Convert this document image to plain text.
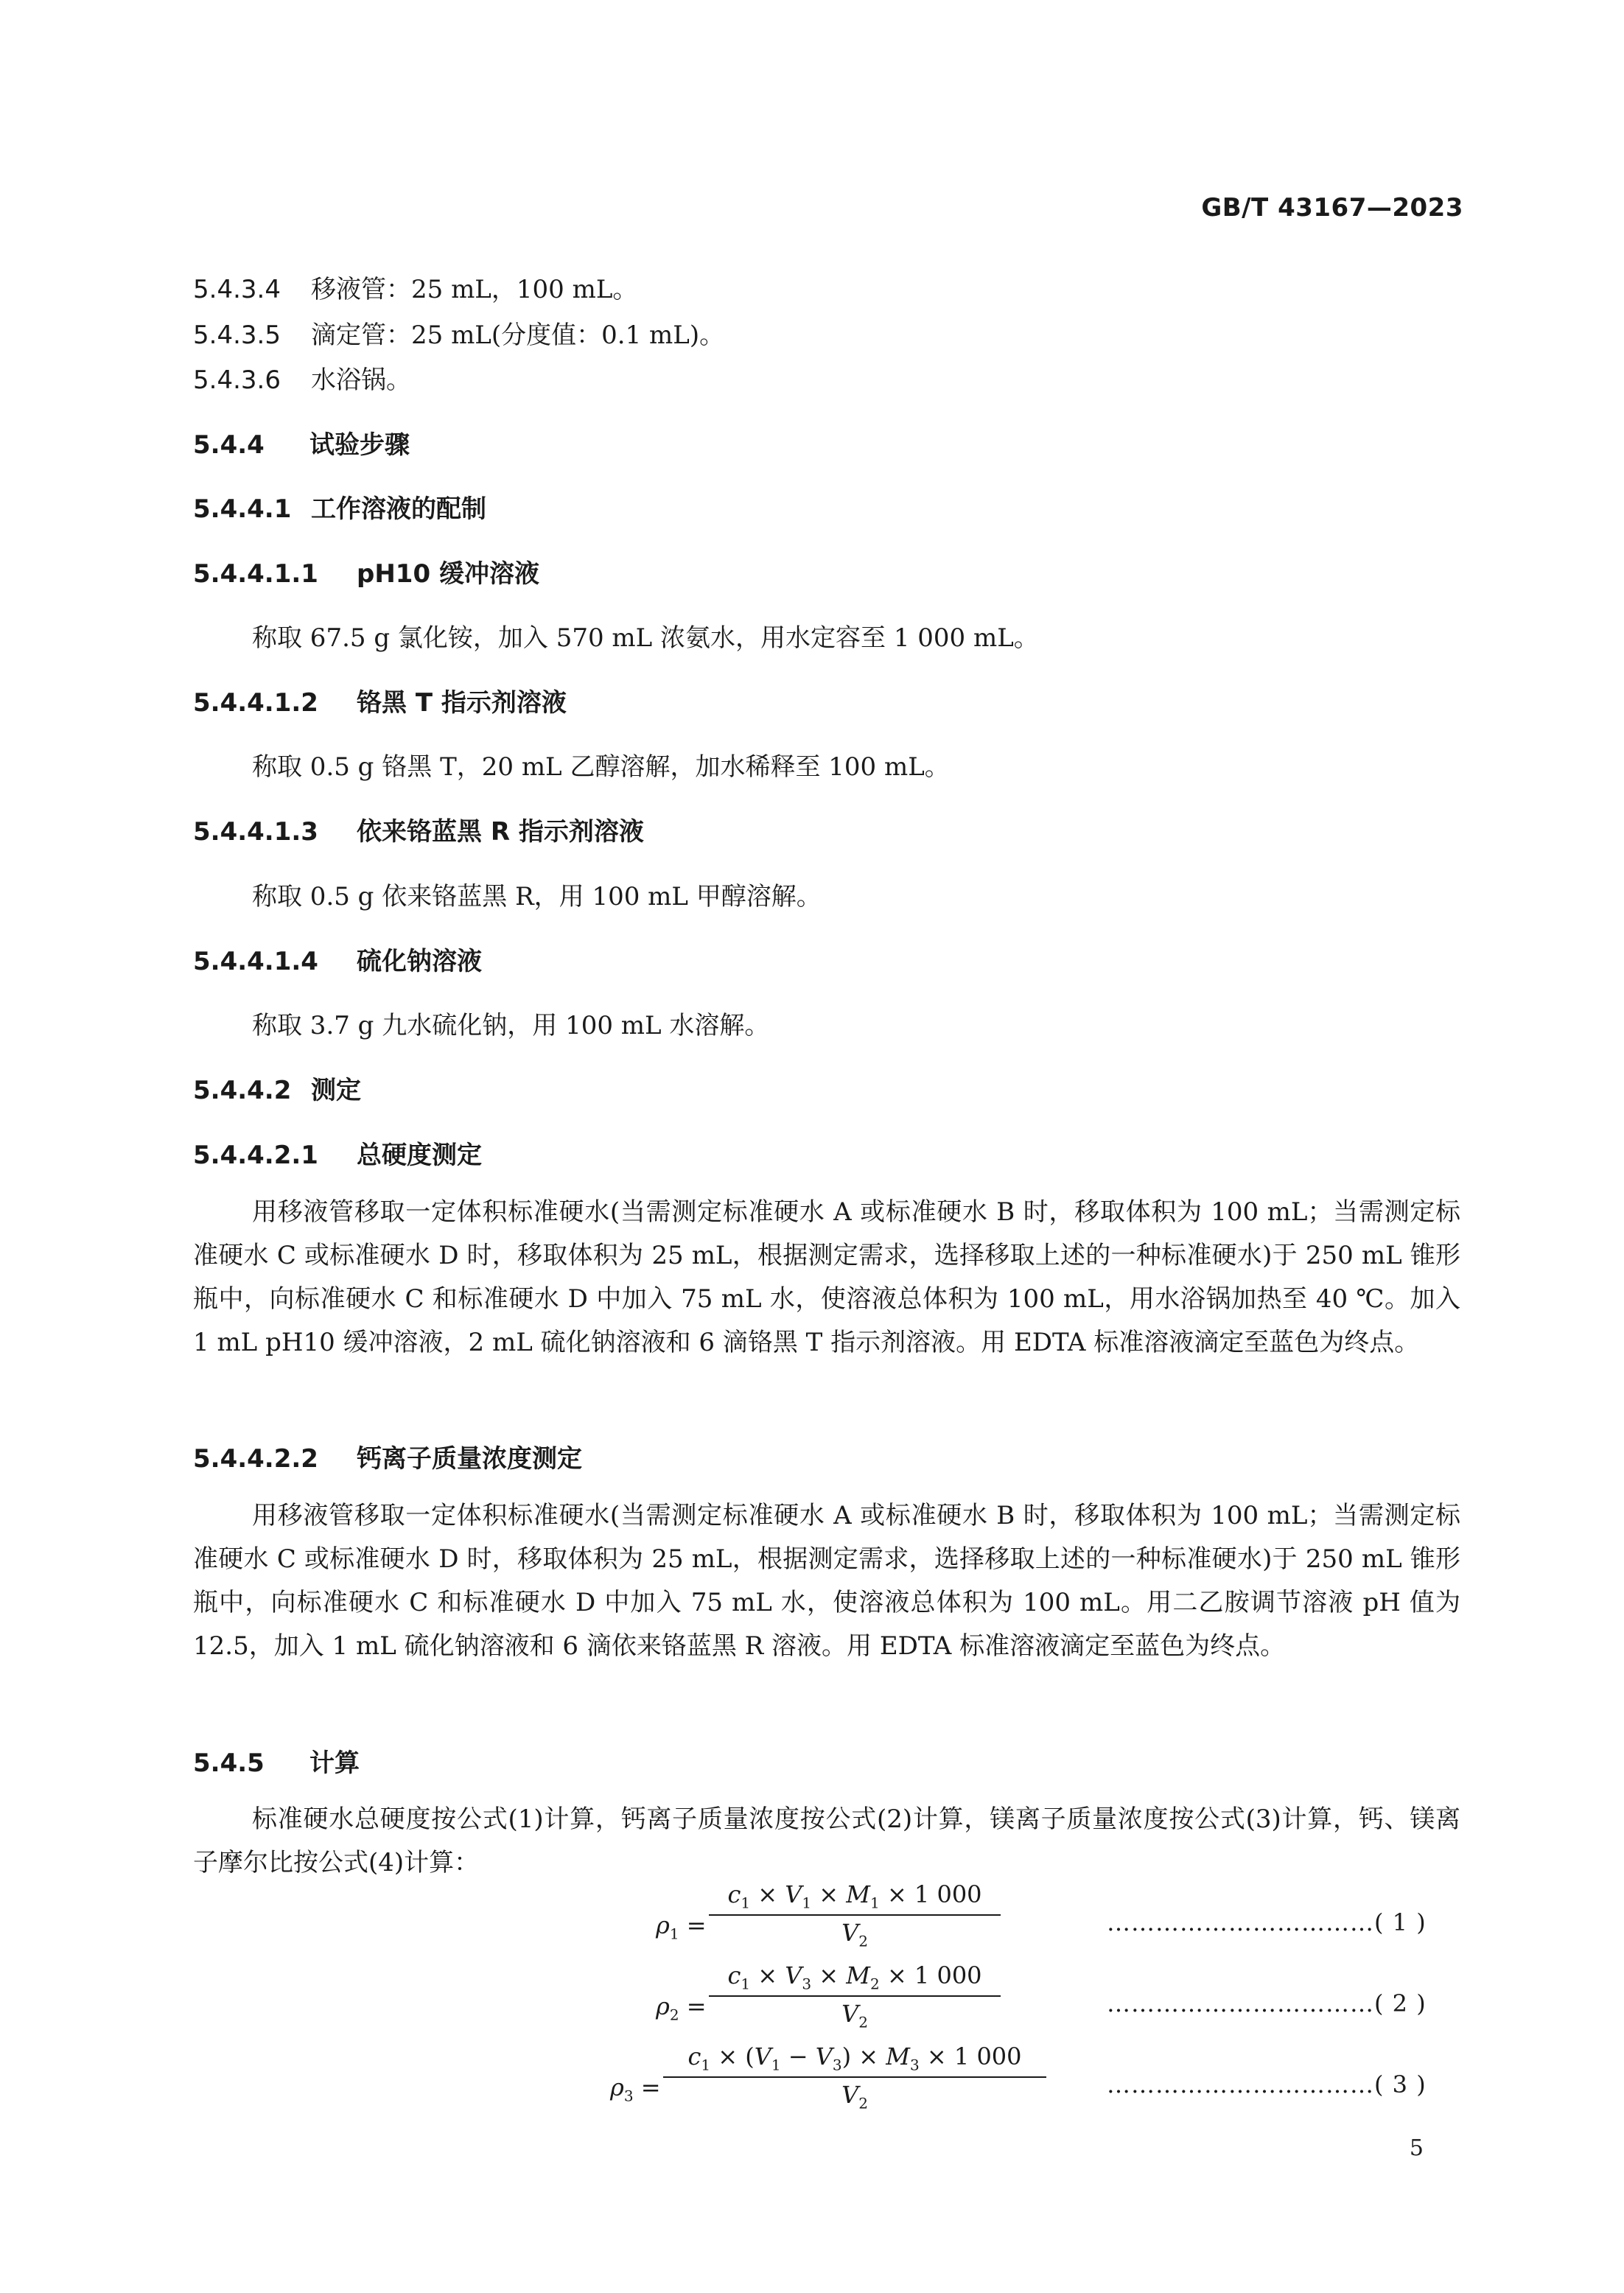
GB/T 43167—2023
5.4.3.4 移液管：25 mL，100 mL。
5.4.3.5 滴定管：25 mL(分度值：0.1 mL)。
5.4.3.6 水浴锅。
5.4.4 试验步骤
5.4.4.1 工作溶液的配制
5.4.4.1.1 pH10 缓冲溶液
称取 67.5 g 氯化铵，加入 570 mL 浓氨水，用水定容至 1 000 mL。
5.4.4.1.2 铬黑 T 指示剂溶液
称取 0.5 g 铬黑 T，20 mL 乙醇溶解，加水稀释至 100 mL。
5.4.4.1.3 依来铬蓝黑 R 指示剂溶液
称取 0.5 g 依来铬蓝黑 R，用 100 mL 甲醇溶解。
5.4.4.1.4 硫化钠溶液
称取 3.7 g 九水硫化钠，用 100 mL 水溶解。
5.4.4.2 测定
5.4.4.2.1 总硬度测定
用移液管移取一定体积标准硬水(当需测定标准硬水 A 或标准硬水 B 时，移取体积为 100 mL；当需测定标准硬水 C 或标准硬水 D 时，移取体积为 25 mL，根据测定需求，选择移取上述的一种标准硬水)于 250 mL 锥形瓶中，向标准硬水 C 和标准硬水 D 中加入 75 mL 水，使溶液总体积为 100 mL，用水浴锅加热至 40 ℃。加入 1 mL pH10 缓冲溶液，2 mL 硫化钠溶液和 6 滴铬黑 T 指示剂溶液。用 EDTA 标准溶液滴定至蓝色为终点。
5.4.4.2.2 钙离子质量浓度测定
用移液管移取一定体积标准硬水(当需测定标准硬水 A 或标准硬水 B 时，移取体积为 100 mL；当需测定标准硬水 C 或标准硬水 D 时，移取体积为 25 mL，根据测定需求，选择移取上述的一种标准硬水)于 250 mL 锥形瓶中，向标准硬水 C 和标准硬水 D 中加入 75 mL 水，使溶液总体积为 100 mL。用二乙胺调节溶液 pH 值为 12.5，加入 1 mL 硫化钠溶液和 6 滴依来铬蓝黑 R 溶液。用 EDTA 标准溶液滴定至蓝色为终点。
5.4.5 计算
标准硬水总硬度按公式(1)计算，钙离子质量浓度按公式(2)计算，镁离子质量浓度按公式(3)计算，钙、镁离子摩尔比按公式(4)计算：
$\rho_1$ =
$c_1 \times V_1 \times M_1 \times 1$ 000
$V_2$
……………………………( 1 )
$\rho_2$ =
$c_1 \times V_3 \times M_2 \times 1$ 000
$V_2$
……………………………( 2 )
$\rho_3$ =
$c_1 \times (V_1 - V_3) \times M_3 \times 1$ 000
$V_2$
……………………………( 3 )
5
